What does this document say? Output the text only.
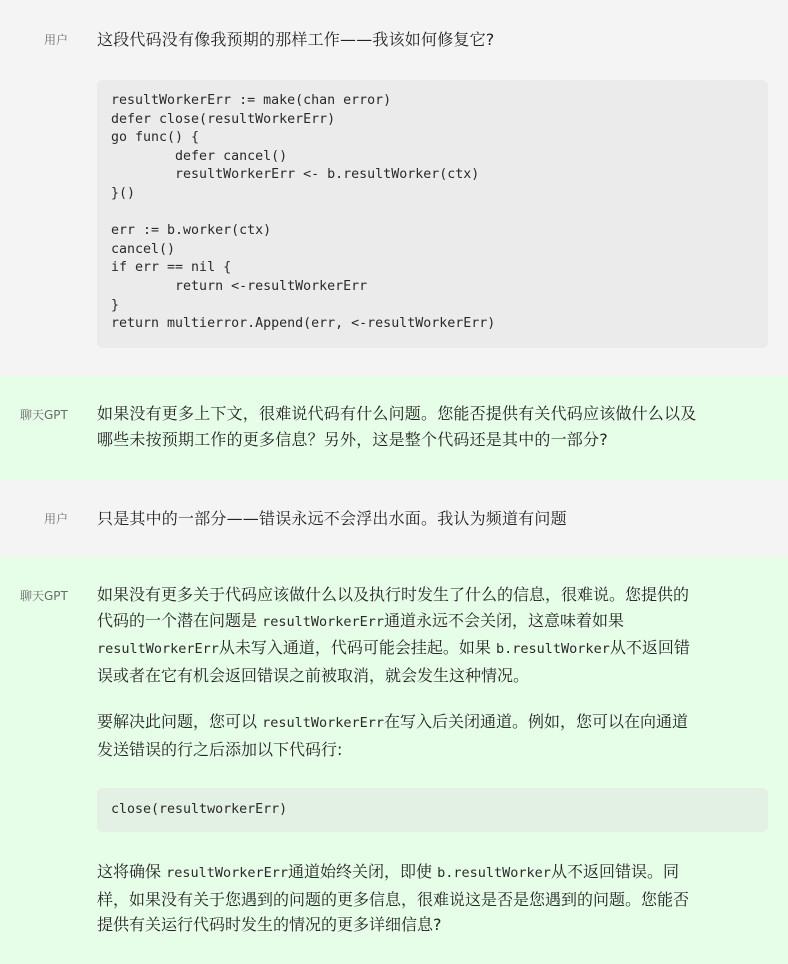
用户 这段代码没有像我预期的那样工作——我该如何修复它?
resultWorkerErr := make(chan error)
defer close(resultWorkerErr)
go func() {
defer cancel()
resultWorkerErr <- b.resultWorker(ctx)
}()

err := b.worker(ctx)
cancel()
if err == nil {
return <-resultWorkerErr
}
return multierror.Append(err, <-resultWorkerErr)
聊天GPT 如果没有更多上下文，很难说代码有什么问题。您能否提供有关代码应该做什么以及
哪些未按预期工作的更多信息？另外，这是整个代码还是其中的一部分?
用户 只是其中的一部分——错误永远不会浮出水面。我认为频道有问题
聊天GPT 如果没有更多关于代码应该做什么以及执行时发生了什么的信息，很难说。您提供的
代码的一个潜在问题是 resultWorkerErr通道永远不会关闭，这意味着如果
resultWorkerErr从未写入通道，代码可能会挂起。如果 b.resultWorker从不返回错
误或者在它有机会返回错误之前被取消，就会发生这种情况。
要解决此问题，您可以 resultWorkerErr在写入后关闭通道。例如，您可以在向通道
发送错误的行之后添加以下代码行:
close(resultworkerErr)
这将确保 resultWorkerErr通道始终关闭，即使 b.resultWorker从不返回错误。同
样，如果没有关于您遇到的问题的更多信息，很难说这是否是您遇到的问题。您能否
提供有关运行代码时发生的情况的更多详细信息?
